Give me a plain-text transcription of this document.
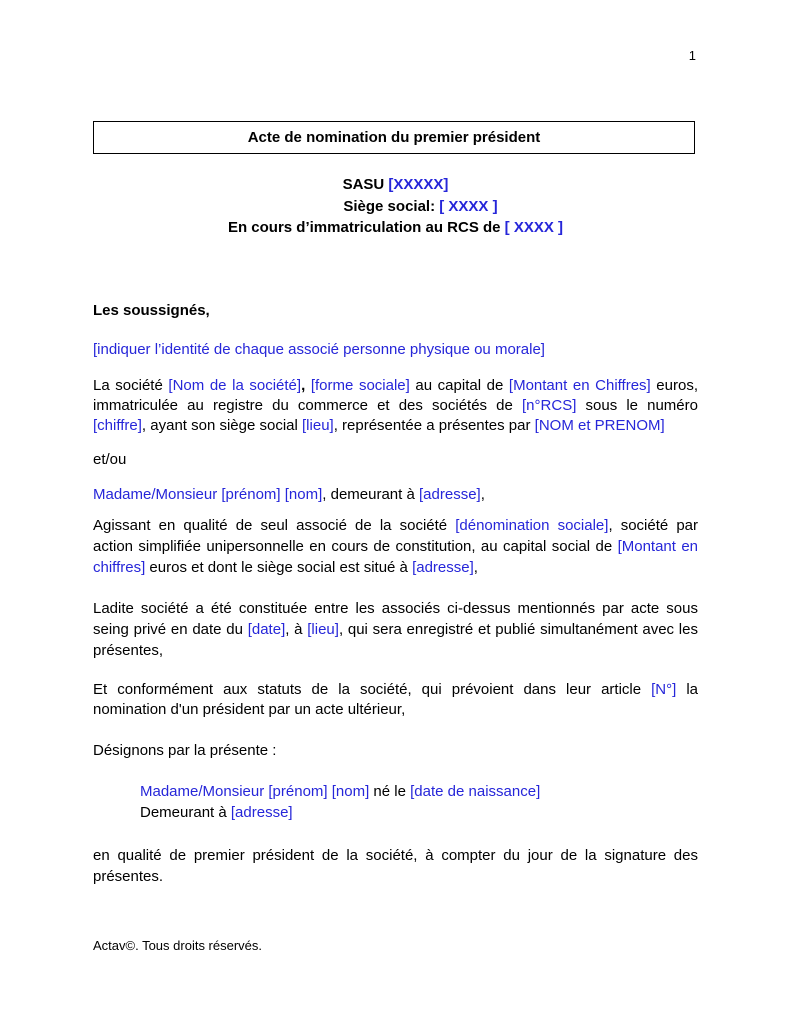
1
Acte de nomination du premier président
SASU [XXXXX]
Siège social: [ XXXX ]
En cours d’immatriculation au RCS de [ XXXX ]
Les soussignés,
[indiquer l’identité de chaque associé personne physique ou morale]
La société [Nom de la société], [forme sociale] au capital de [Montant en Chiffres] euros,
immatriculée au registre du commerce et des sociétés de [n°RCS] sous le numéro
[chiffre], ayant son siège social [lieu], représentée a présentes par [NOM et PRENOM]
et/ou
Madame/Monsieur [prénom] [nom], demeurant à [adresse],
Agissant en qualité de seul associé de la société [dénomination sociale], société par
action simplifiée unipersonnelle en cours de constitution, au capital social de [Montant en
chiffres] euros et dont le siège social est situé à [adresse],
Ladite société a été constituée entre les associés ci-dessus mentionnés par acte sous
seing privé en date du [date], à [lieu], qui sera enregistré et publié simultanément avec les
présentes,
Et conformément aux statuts de la société, qui prévoient dans leur article [N°] la
nomination d'un président par un acte ultérieur,
Désignons par la présente :
Madame/Monsieur [prénom] [nom] né le [date de naissance]
Demeurant à [adresse]
en qualité de premier président de la société, à compter du jour de la signature des
présentes.
Actav©. Tous droits réservés.
